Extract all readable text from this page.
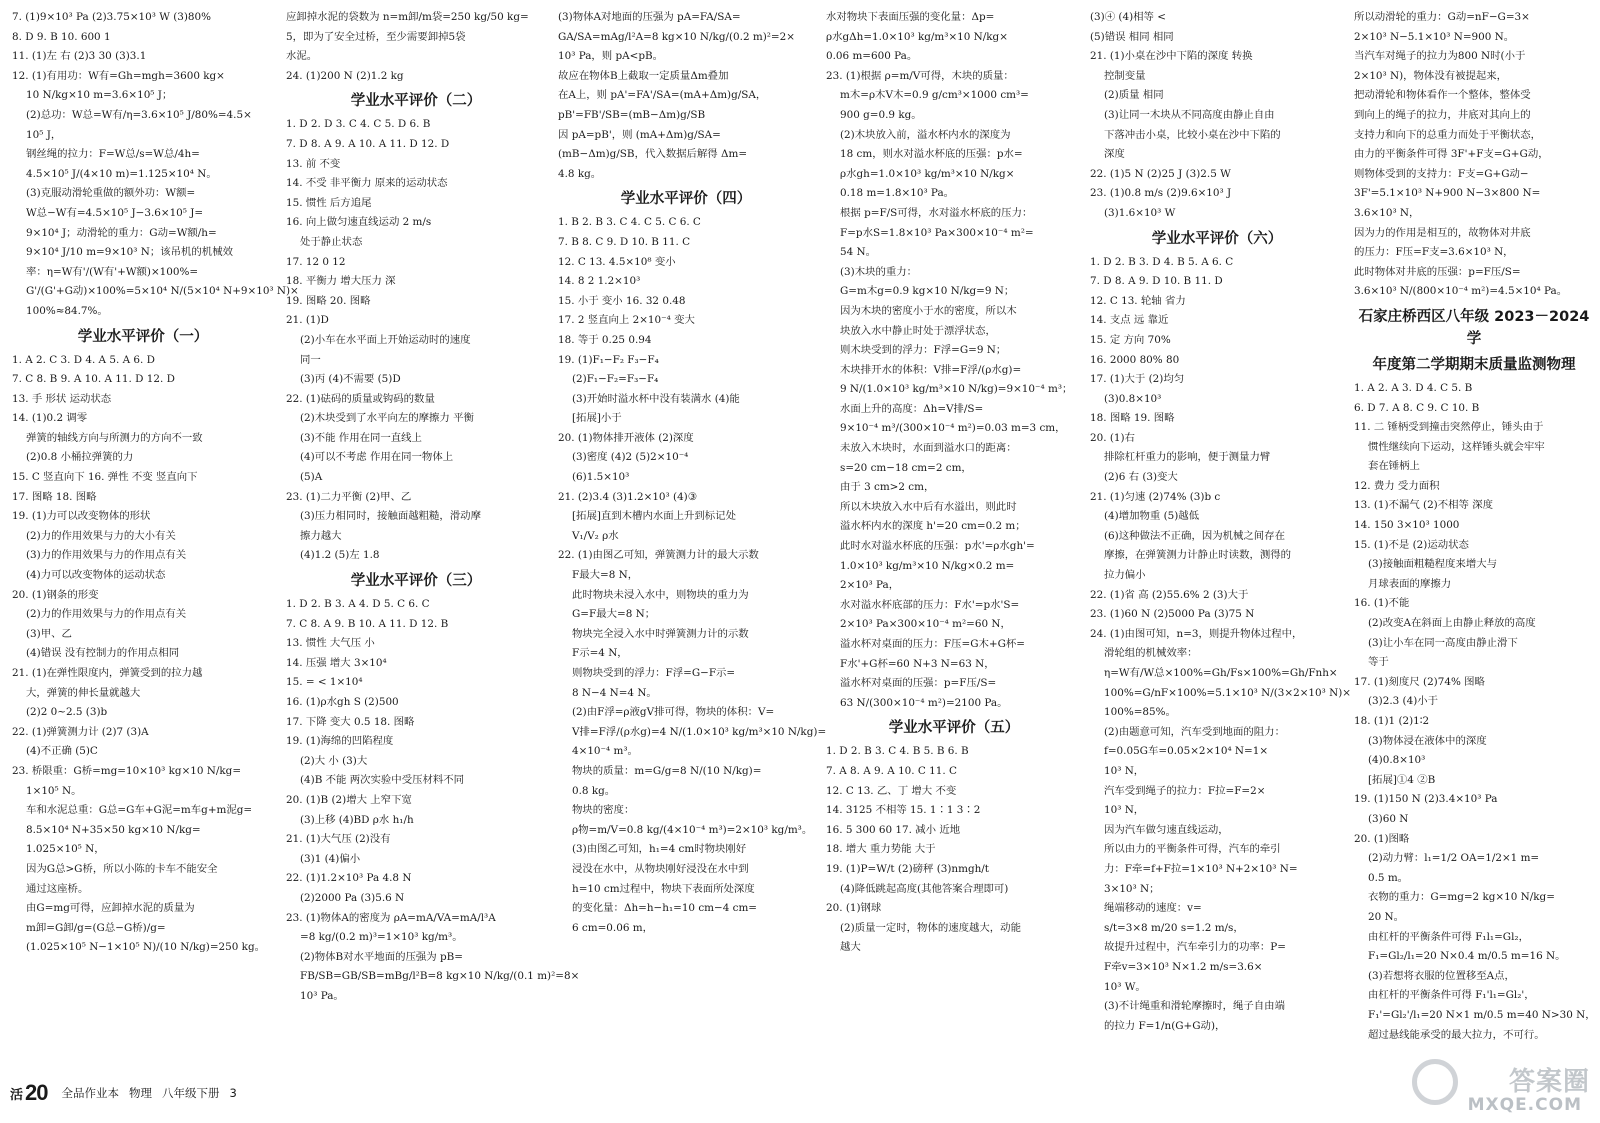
7. (1)9×10³ Pa (2)3.75×10³ W (3)80%

8. D 9. B 10. 600 1

11. (1)左 右 (2)3 30 (3)3.1

12. (1)有用功：W有=Gh=mgh=3600 kg×

10 N/kg×10 m=3.6×10⁵ J；

(2)总功：W总=W有/η=3.6×10⁵ J/80%=4.5×

10⁵ J，

钢丝绳的拉力：F=W总/s=W总/4h=

4.5×10⁵ J/(4×10 m)=1.125×10⁴ N。

(3)克服动滑轮重做的额外功：W额=

W总−W有=4.5×10⁵ J−3.6×10⁵ J=

9×10⁴ J；动滑轮的重力：G动=W额/h=

9×10⁴ J/10 m=9×10³ N；该吊机的机械效

率：η=W有'/(W有'+W额)×100%=

G'/(G'+G动)×100%=5×10⁴ N/(5×10⁴ N+9×10³ N)×

100%≈84.7%。

学业水平评价（一）

1. A 2. C 3. D 4. A 5. A 6. D

7. C 8. B 9. A 10. A 11. D 12. D

13. 手 形状 运动状态

14. (1)0.2 调零

弹簧的轴线方向与所测力的方向不一致

(2)0.8 小桶拉弹簧的力

15. C 竖直向下 16. 弹性 不变 竖直向下

17. 图略 18. 图略

19. (1)力可以改变物体的形状

(2)力的作用效果与力的大小有关

(3)力的作用效果与力的作用点有关

(4)力可以改变物体的运动状态

20. (1)钢条的形变

(2)力的作用效果与力的作用点有关

(3)甲、乙

(4)错误 没有控制力的作用点相同

21. (1)在弹性限度内，弹簧受到的拉力越

大，弹簧的伸长量就越大

(2)2 0~2.5 (3)b

22. (1)弹簧测力计 (2)7 (3)A

(4)不正确 (5)C

23. 桥限重：G桥=mg=10×10³ kg×10 N/kg=

1×10⁵ N。

车和水泥总重：G总=G车+G泥=m车g+m泥g=

8.5×10⁴ N+35×50 kg×10 N/kg=

1.025×10⁵ N，

因为G总>G桥，所以小陈的卡车不能安全

通过这座桥。

由G=mg可得，应卸掉水泥的质量为

m卸=G卸/g=(G总−G桥)/g=

(1.025×10⁵ N−1×10⁵ N)/(10 N/kg)=250 kg。

应卸掉水泥的袋数为 n=m卸/m袋=250 kg/50 kg=

5，即为了安全过桥，至少需要卸掉5袋

水泥。

24. (1)200 N (2)1.2 kg

学业水平评价（二）

1. D 2. D 3. C 4. C 5. D 6. B

7. D 8. A 9. A 10. A 11. D 12. D

13. 前 不变

14. 不受 非平衡力 原来的运动状态

15. 惯性 后方追尾

16. 向上做匀速直线运动 2 m/s

处于静止状态

17. 12 0 12

18. 平衡力 增大压力 深

19. 图略 20. 图略

21. (1)D

(2)小车在水平面上开始运动时的速度

同一

(3)丙 (4)不需要 (5)D

22. (1)砝码的质量或钩码的数量

(2)木块受到了水平向左的摩擦力 平衡

(3)不能 作用在同一直线上

(4)可以不考虑 作用在同一物体上

(5)A

23. (1)二力平衡 (2)甲、乙

(3)压力相同时，接触面越粗糙，滑动摩

擦力越大

(4)1.2 (5)左 1.8

学业水平评价（三）

1. D 2. B 3. A 4. D 5. C 6. C

7. C 8. A 9. B 10. A 11. D 12. B

13. 惯性 大气压 小

14. 压强 增大 3×10⁴

15. = < 1×10⁴

16. (1)ρ水gh S (2)500

17. 下降 变大 0.5 18. 图略

19. (1)海绵的凹陷程度

(2)大 小 (3)大

(4)B 不能 两次实验中受压材料不同

20. (1)B (2)增大 上窄下宽

(3)上移 (4)BD ρ水 h₁/h

21. (1)大气压 (2)没有

(3)1 (4)偏小

22. (1)1.2×10³ Pa 4.8 N

(2)2000 Pa (3)5.6 N

23. (1)物体A的密度为 ρA=mA/VA=mA/l³A

=8 kg/(0.2 m)³=1×10³ kg/m³。

(2)物体B对水平地面的压强为 pB=

FB/SB=GB/SB=mBg/l²B=8 kg×10 N/kg/(0.1 m)²=8×

10³ Pa。

(3)物体A对地面的压强为 pA=FA/SA=

GA/SA=mAg/l²A=8 kg×10 N/kg/(0.2 m)²=2×

10³ Pa，则 pA<pB。

故应在物体B上截取一定质量Δm叠加

在A上，则 pA'=FA'/SA=(mA+Δm)g/SA，

pB'=FB'/SB=(mB−Δm)g/SB

因 pA=pB'，则 (mA+Δm)g/SA=

(mB−Δm)g/SB，代入数据后解得 Δm=

4.8 kg。

学业水平评价（四）

1. B 2. B 3. C 4. C 5. C 6. C

7. B 8. C 9. D 10. B 11. C

12. C 13. 4.5×10⁸ 变小

14. 8 2 1.2×10³

15. 小于 变小 16. 32 0.48

17. 2 竖直向上 2×10⁻⁴ 变大

18. 等于 0.25 0.94

19. (1)F₁−F₂ F₃−F₄

(2)F₁−F₂=F₃−F₄

(3)开始时溢水杯中没有装满水 (4)能

[拓展]小于

20. (1)物体排开液体 (2)深度

(3)密度 (4)2 (5)2×10⁻⁴

(6)1.5×10³

21. (2)3.4 (3)1.2×10³ (4)③

[拓展]直到木槽内水面上升到标记处

V₁/V₂ ρ水

22. (1)由图乙可知，弹簧测力计的最大示数

F最大=8 N，

此时物块未浸入水中，则物块的重力为

G=F最大=8 N；

物块完全浸入水中时弹簧测力计的示数

F示=4 N，

则物块受到的浮力：F浮=G−F示=

8 N−4 N=4 N。

(2)由F浮=ρ液gV排可得，物块的体积：V=

V排=F浮/(ρ水g)=4 N/(1.0×10³ kg/m³×10 N/kg)=

4×10⁻⁴ m³。

物块的质量：m=G/g=8 N/(10 N/kg)=

0.8 kg。

物块的密度：

ρ物=m/V=0.8 kg/(4×10⁻⁴ m³)=2×10³ kg/m³。

(3)由图乙可知，h₁=4 cm时物块刚好

浸没在水中，从物块刚好浸没在水中到

h=10 cm过程中，物块下表面所处深度

的变化量：Δh=h−h₁=10 cm−4 cm=

6 cm=0.06 m，

水对物块下表面压强的变化量：Δp=

ρ水gΔh=1.0×10³ kg/m³×10 N/kg×

0.06 m=600 Pa。

23. (1)根据 ρ=m/V可得，木块的质量：

m木=ρ木V木=0.9 g/cm³×1000 cm³=

900 g=0.9 kg。

(2)木块放入前，溢水杯内水的深度为

18 cm，则水对溢水杯底的压强：p水=

ρ水gh=1.0×10³ kg/m³×10 N/kg×

0.18 m=1.8×10³ Pa。

根据 p=F/S可得，水对溢水杯底的压力：

F=p水S=1.8×10³ Pa×300×10⁻⁴ m²=

54 N。

(3)木块的重力：

G=m木g=0.9 kg×10 N/kg=9 N；

因为木块的密度小于水的密度，所以木

块放入水中静止时处于漂浮状态，

则木块受到的浮力：F浮=G=9 N；

木块排开水的体积：V排=F浮/(ρ水g)=

9 N/(1.0×10³ kg/m³×10 N/kg)=9×10⁻⁴ m³；

水面上升的高度：Δh=V排/S=

9×10⁻⁴ m³/(300×10⁻⁴ m²)=0.03 m=3 cm，

未放入木块时，水面到溢水口的距离：

s=20 cm−18 cm=2 cm，

由于 3 cm>2 cm，

所以木块放入水中后有水溢出，则此时

溢水杯内水的深度 h'=20 cm=0.2 m；

此时水对溢水杯底的压强：p水'=ρ水gh'=

1.0×10³ kg/m³×10 N/kg×0.2 m=

2×10³ Pa，

水对溢水杯底部的压力：F水'=p水'S=

2×10³ Pa×300×10⁻⁴ m²=60 N，

溢水杯对桌面的压力：F压=G木+G杯=

F水'+G杯=60 N+3 N=63 N，

溢水杯对桌面的压强：p=F压/S=

63 N/(300×10⁻⁴ m²)=2100 Pa。

学业水平评价（五）

1. D 2. B 3. C 4. B 5. B 6. B

7. A 8. A 9. A 10. C 11. C

12. C 13. 乙、丁 增大 不变

14. 3125 不相等 15. 1∶1 3∶2

16. 5 300 60 17. 减小 近地

18. 增大 重力势能 大于

19. (1)P=W/t (2)磅秤 (3)nmgh/t

(4)降低跳起高度(其他答案合理即可)

20. (1)钢球

(2)质量一定时，物体的速度越大，动能

越大

(3)④ (4)相等 <

(5)错误 相同 相同

21. (1)小桌在沙中下陷的深度 转换

控制变量

(2)质量 相同

(3)让同一木块从不同高度由静止自由

下落冲击小桌，比较小桌在沙中下陷的

深度

22. (1)5 N (2)25 J (3)2.5 W

23. (1)0.8 m/s (2)9.6×10³ J

(3)1.6×10³ W

学业水平评价（六）

1. D 2. B 3. D 4. B 5. A 6. C

7. D 8. A 9. D 10. B 11. D

12. C 13. 轮轴 省力

14. 支点 远 靠近

15. 定 方向 70%

16. 2000 80% 80

17. (1)大于 (2)均匀

(3)0.8×10³

18. 图略 19. 图略

20. (1)右

排除杠杆重力的影响，便于测量力臂

(2)6 右 (3)变大

21. (1)匀速 (2)74% (3)b c

(4)增加物重 (5)越低

(6)这种做法不正确，因为机械之间存在

摩擦，在弹簧测力计静止时读数，测得的

拉力偏小

22. (1)省 高 (2)55.6% 2 (3)大于

23. (1)60 N (2)5000 Pa (3)75 N

24. (1)由图可知，n=3，则提升物体过程中，

滑轮组的机械效率：

η=W有/W总×100%=Gh/Fs×100%=Gh/Fnh×

100%=G/nF×100%=5.1×10³ N/(3×2×10³ N)×

100%=85%。

(2)由题意可知，汽车受到地面的阻力：

f=0.05G车=0.05×2×10⁴ N=1×

10³ N，

汽车受到绳子的拉力：F拉=F=2×

10³ N，

因为汽车做匀速直线运动，

所以由力的平衡条件可得，汽车的牵引

力：F牵=f+F拉=1×10³ N+2×10³ N=

3×10³ N；

绳端移动的速度：v=

s/t=3×8 m/20 s=1.2 m/s，

故提升过程中，汽车牵引力的功率：P=

F牵v=3×10³ N×1.2 m/s=3.6×

10³ W。

(3)不计绳重和滑轮摩擦时，绳子自由端

的拉力 F=1/n(G+G动)，

所以动滑轮的重力：G动=nF−G=3×

2×10³ N−5.1×10³ N=900 N。

当汽车对绳子的拉力为800 N时(小于

2×10³ N)，物体没有被提起来，

把动滑轮和物体看作一个整体，整体受

到向上的绳子的拉力，井底对其向上的

支持力和向下的总重力而处于平衡状态，

由力的平衡条件可得 3F'+F支=G+G动，

则物体受到的支持力：F支=G+G动−

3F'=5.1×10³ N+900 N−3×800 N=

3.6×10³ N，

因为力的作用是相互的，故物体对井底

的压力：F压=F支=3.6×10³ N，

此时物体对井底的压强：p=F压/S=

3.6×10³ N/(800×10⁻⁴ m²)=4.5×10⁴ Pa。

石家庄桥西区八年级 2023－2024 学
年度第二学期期末质量监测物理

1. A 2. A 3. D 4. C 5. B

6. D 7. A 8. C 9. C 10. B

11. 二 锤柄受到撞击突然停止，锤头由于

惯性继续向下运动，这样锤头就会牢牢

套在锤柄上

12. 费力 受力面积

13. (1)不漏气 (2)不相等 深度

14. 150 3×10³ 1000

15. (1)不是 (2)运动状态

(3)接触面粗糙程度来增大与

月球表面的摩擦力

16. (1)不能

(2)改变A在斜面上由静止释放的高度

(3)让小车在同一高度由静止滑下

等于

17. (1)刻度尺 (2)74% 图略

(3)2.3 (4)小于

18. (1)1 (2)1∶2

(3)物体浸在液体中的深度

(4)0.8×10³

[拓展]①4 ②B

19. (1)150 N (2)3.4×10³ Pa

(3)60 N

20. (1)图略

(2)动力臂：l₁=1/2 OA=1/2×1 m=

0.5 m。

衣物的重力：G=mg=2 kg×10 N/kg=

20 N。

由杠杆的平衡条件可得 F₁l₁=Gl₂，

F₁=Gl₂/l₁=20 N×0.4 m/0.5 m=16 N。

(3)若想将衣服的位置移至A点，

由杠杆的平衡条件可得 F₁'l₁=Gl₂'，

F₁'=Gl₂'/l₁=20 N×1 m/0.5 m=40 N>30 N，

超过悬线能承受的最大拉力，不可行。

活 20 全品作业本 物理 八年级下册 3	答案圈
MXQE.COM
